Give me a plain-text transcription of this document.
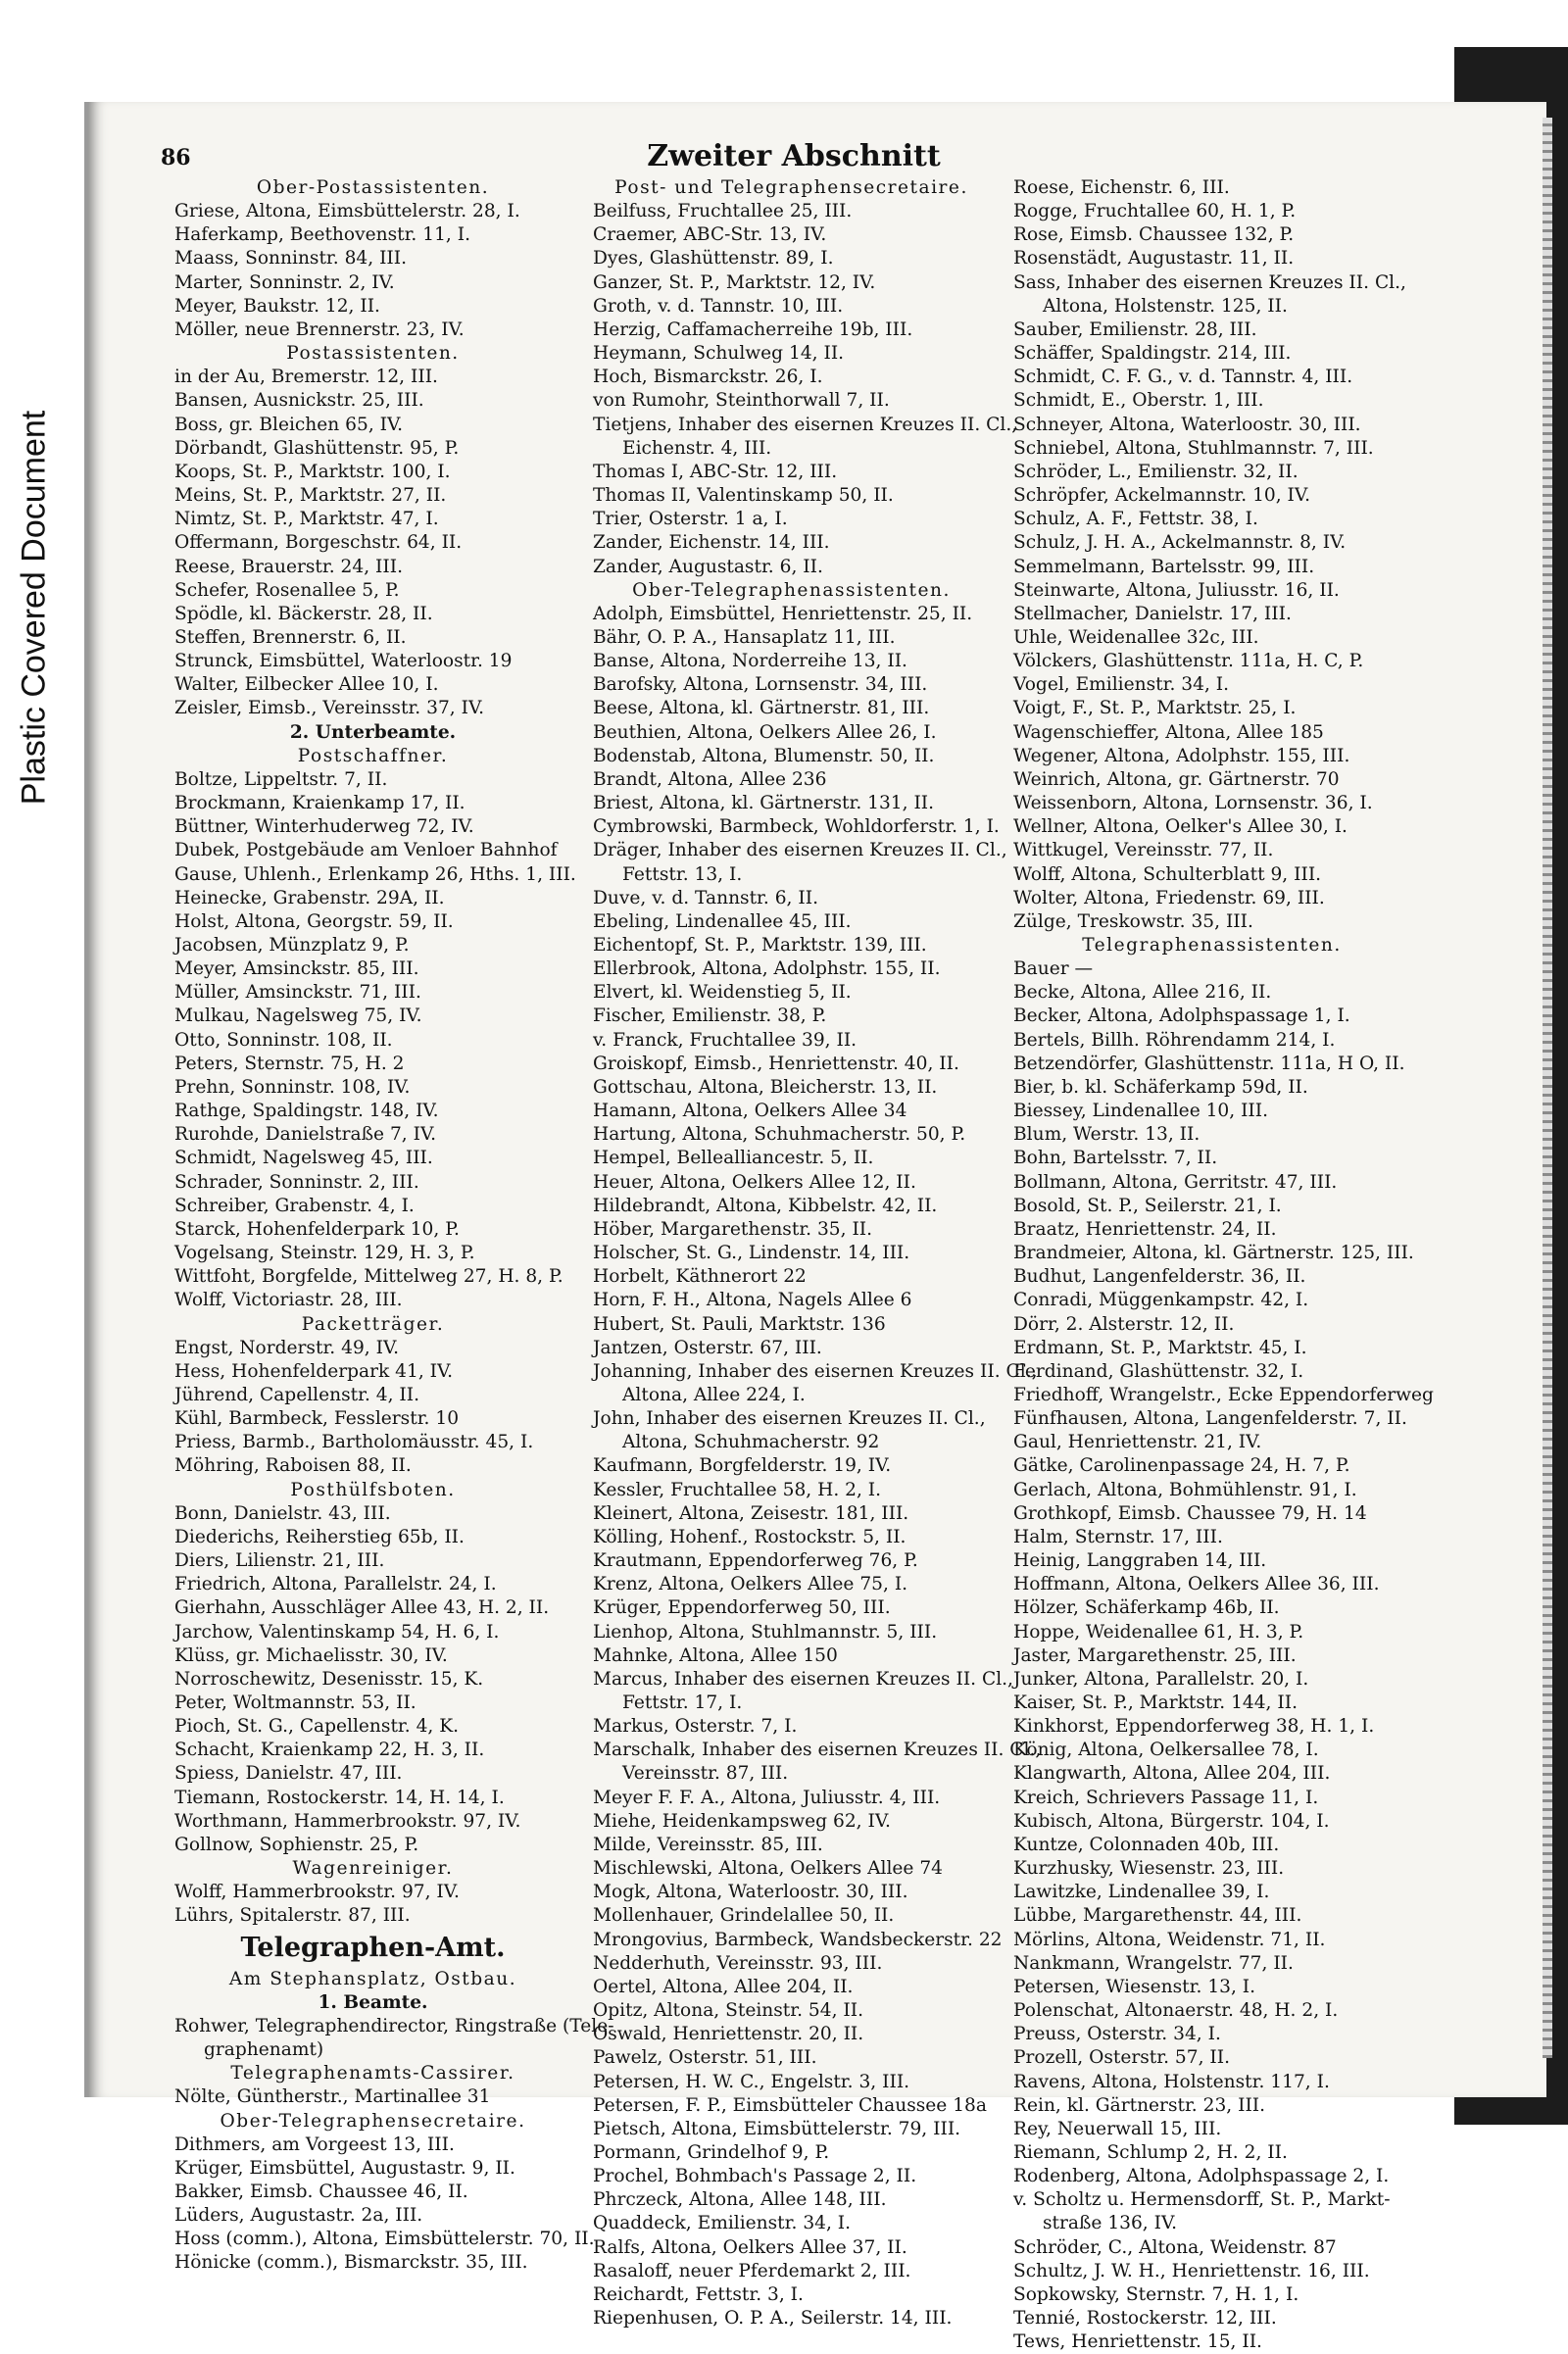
Plastic Covered Document
86	Zweiter Abschnitt
Ober-Postassistenten.
Griese, Altona, Eimsbüttelerstr. 28, I.
Haferkamp, Beethovenstr. 11, I.
Maass, Sonninstr. 84, III.
Marter, Sonninstr. 2, IV.
Meyer, Baukstr. 12, II.
Möller, neue Brennerstr. 23, IV.
Postassistenten.
in der Au, Bremerstr. 12, III.
Bansen, Ausnickstr. 25, III.
Boss, gr. Bleichen 65, IV.
Dörbandt, Glashüttenstr. 95, P.
Koops, St. P., Marktstr. 100, I.
Meins, St. P., Marktstr. 27, II.
Nimtz, St. P., Marktstr. 47, I.
Offermann, Borgeschstr. 64, II.
Reese, Brauerstr. 24, III.
Schefer, Rosenallee 5, P.
Spödle, kl. Bäckerstr. 28, II.
Steffen, Brennerstr. 6, II.
Strunck, Eimsbüttel, Waterloostr. 19
Walter, Eilbecker Allee 10, I.
Zeisler, Eimsb., Vereinsstr. 37, IV.
2. Unterbeamte.
Postschaffner.
Boltze, Lippeltstr. 7, II.
Brockmann, Kraienkamp 17, II.
Büttner, Winterhuderweg 72, IV.
Dubek, Postgebäude am Venloer Bahnhof
Gause, Uhlenh., Erlenkamp 26, Hths. 1, III.
Heinecke, Grabenstr. 29A, II.
Holst, Altona, Georgstr. 59, II.
Jacobsen, Münzplatz 9, P.
Meyer, Amsinckstr. 85, III.
Müller, Amsinckstr. 71, III.
Mulkau, Nagelsweg 75, IV.
Otto, Sonninstr. 108, II.
Peters, Sternstr. 75, H. 2
Prehn, Sonninstr. 108, IV.
Rathge, Spaldingstr. 148, IV.
Rurohde, Danielstraße 7, IV.
Schmidt, Nagelsweg 45, III.
Schrader, Sonninstr. 2, III.
Schreiber, Grabenstr. 4, I.
Starck, Hohenfelderpark 10, P.
Vogelsang, Steinstr. 129, H. 3, P.
Wittfoht, Borgfelde, Mittelweg 27, H. 8, P.
Wolff, Victoriastr. 28, III.
Packetträger.
Engst, Norderstr. 49, IV.
Hess, Hohenfelderpark 41, IV.
Jührend, Capellenstr. 4, II.
Kühl, Barmbeck, Fesslerstr. 10
Priess, Barmb., Bartholomäusstr. 45, I.
Möhring, Raboisen 88, II.
Posthülfsboten.
Bonn, Danielstr. 43, III.
Diederichs, Reiherstieg 65b, II.
Diers, Lilienstr. 21, III.
Friedrich, Altona, Parallelstr. 24, I.
Gierhahn, Ausschläger Allee 43, H. 2, II.
Jarchow, Valentinskamp 54, H. 6, I.
Klüss, gr. Michaelisstr. 30, IV.
Norroschewitz, Desenisstr. 15, K.
Peter, Woltmannstr. 53, II.
Pioch, St. G., Capellenstr. 4, K.
Schacht, Kraienkamp 22, H. 3, II.
Spiess, Danielstr. 47, III.
Tiemann, Rostockerstr. 14, H. 14, I.
Worthmann, Hammerbrookstr. 97, IV.
Gollnow, Sophienstr. 25, P.
Wagenreiniger.
Wolff, Hammerbrookstr. 97, IV.
Lührs, Spitalerstr. 87, III.
Telegraphen-Amt.
Am Stephansplatz, Ostbau.
1. Beamte.
Rohwer, Telegraphendirector, Ringstraße (Tele-
graphenamt)
Telegraphenamts-Cassirer.
Nölte, Güntherstr., Martinallee 31
Ober-Telegraphensecretaire.
Dithmers, am Vorgeest 13, III.
Krüger, Eimsbüttel, Augustastr. 9, II.
Bakker, Eimsb. Chaussee 46, II.
Lüders, Augustastr. 2a, III.
Hoss (comm.), Altona, Eimsbüttelerstr. 70, II.
Hönicke (comm.), Bismarckstr. 35, III.
Post- und Telegraphensecretaire.
Beilfuss, Fruchtallee 25, III.
Craemer, ABC-Str. 13, IV.
Dyes, Glashüttenstr. 89, I.
Ganzer, St. P., Marktstr. 12, IV.
Groth, v. d. Tannstr. 10, III.
Herzig, Caffamacherreihe 19b, III.
Heymann, Schulweg 14, II.
Hoch, Bismarckstr. 26, I.
von Rumohr, Steinthorwall 7, II.
Tietjens, Inhaber des eisernen Kreuzes II. Cl.,
Eichenstr. 4, III.
Thomas I, ABC-Str. 12, III.
Thomas II, Valentinskamp 50, II.
Trier, Osterstr. 1 a, I.
Zander, Eichenstr. 14, III.
Zander, Augustastr. 6, II.
Ober-Telegraphenassistenten.
Adolph, Eimsbüttel, Henriettenstr. 25, II.
Bähr, O. P. A., Hansaplatz 11, III.
Banse, Altona, Norderreihe 13, II.
Barofsky, Altona, Lornsenstr. 34, III.
Beese, Altona, kl. Gärtnerstr. 81, III.
Beuthien, Altona, Oelkers Allee 26, I.
Bodenstab, Altona, Blumenstr. 50, II.
Brandt, Altona, Allee 236
Briest, Altona, kl. Gärtnerstr. 131, II.
Cymbrowski, Barmbeck, Wohldorferstr. 1, I.
Dräger, Inhaber des eisernen Kreuzes II. Cl.,
Fettstr. 13, I.
Duve, v. d. Tannstr. 6, II.
Ebeling, Lindenallee 45, III.
Eichentopf, St. P., Marktstr. 139, III.
Ellerbrook, Altona, Adolphstr. 155, II.
Elvert, kl. Weidenstieg 5, II.
Fischer, Emilienstr. 38, P.
v. Franck, Fruchtallee 39, II.
Groiskopf, Eimsb., Henriettenstr. 40, II.
Gottschau, Altona, Bleicherstr. 13, II.
Hamann, Altona, Oelkers Allee 34
Hartung, Altona, Schuhmacherstr. 50, P.
Hempel, Bellealliancestr. 5, II.
Heuer, Altona, Oelkers Allee 12, II.
Hildebrandt, Altona, Kibbelstr. 42, II.
Höber, Margarethenstr. 35, II.
Holscher, St. G., Lindenstr. 14, III.
Horbelt, Käthnerort 22
Horn, F. H., Altona, Nagels Allee 6
Hubert, St. Pauli, Marktstr. 136
Jantzen, Osterstr. 67, III.
Johanning, Inhaber des eisernen Kreuzes II. Cl.,
Altona, Allee 224, I.
John, Inhaber des eisernen Kreuzes II. Cl.,
Altona, Schuhmacherstr. 92
Kaufmann, Borgfelderstr. 19, IV.
Kessler, Fruchtallee 58, H. 2, I.
Kleinert, Altona, Zeisestr. 181, III.
Kölling, Hohenf., Rostockstr. 5, II.
Krautmann, Eppendorferweg 76, P.
Krenz, Altona, Oelkers Allee 75, I.
Krüger, Eppendorferweg 50, III.
Lienhop, Altona, Stuhlmannstr. 5, III.
Mahnke, Altona, Allee 150
Marcus, Inhaber des eisernen Kreuzes II. Cl.,
Fettstr. 17, I.
Markus, Osterstr. 7, I.
Marschalk, Inhaber des eisernen Kreuzes II. Cl.,
Vereinsstr. 87, III.
Meyer F. F. A., Altona, Juliusstr. 4, III.
Miehe, Heidenkampsweg 62, IV.
Milde, Vereinsstr. 85, III.
Mischlewski, Altona, Oelkers Allee 74
Mogk, Altona, Waterloostr. 30, III.
Mollenhauer, Grindelallee 50, II.
Mrongovius, Barmbeck, Wandsbeckerstr. 22
Nedderhuth, Vereinsstr. 93, III.
Oertel, Altona, Allee 204, II.
Opitz, Altona, Steinstr. 54, II.
Oswald, Henriettenstr. 20, II.
Pawelz, Osterstr. 51, III.
Petersen, H. W. C., Engelstr. 3, III.
Petersen, F. P., Eimsbütteler Chaussee 18a
Pietsch, Altona, Eimsbüttelerstr. 79, III.
Pormann, Grindelhof 9, P.
Prochel, Bohmbach's Passage 2, II.
Phrczeck, Altona, Allee 148, III.
Quaddeck, Emilienstr. 34, I.
Ralfs, Altona, Oelkers Allee 37, II.
Rasaloff, neuer Pferdemarkt 2, III.
Reichardt, Fettstr. 3, I.
Riepenhusen, O. P. A., Seilerstr. 14, III.
Roese, Eichenstr. 6, III.
Rogge, Fruchtallee 60, H. 1, P.
Rose, Eimsb. Chaussee 132, P.
Rosenstädt, Augustastr. 11, II.
Sass, Inhaber des eisernen Kreuzes II. Cl.,
Altona, Holstenstr. 125, II.
Sauber, Emilienstr. 28, III.
Schäffer, Spaldingstr. 214, III.
Schmidt, C. F. G., v. d. Tannstr. 4, III.
Schmidt, E., Oberstr. 1, III.
Schneyer, Altona, Waterloostr. 30, III.
Schniebel, Altona, Stuhlmannstr. 7, III.
Schröder, L., Emilienstr. 32, II.
Schröpfer, Ackelmannstr. 10, IV.
Schulz, A. F., Fettstr. 38, I.
Schulz, J. H. A., Ackelmannstr. 8, IV.
Semmelmann, Bartelsstr. 99, III.
Steinwarte, Altona, Juliusstr. 16, II.
Stellmacher, Danielstr. 17, III.
Uhle, Weidenallee 32c, III.
Völckers, Glashüttenstr. 111a, H. C, P.
Vogel, Emilienstr. 34, I.
Voigt, F., St. P., Marktstr. 25, I.
Wagenschieffer, Altona, Allee 185
Wegener, Altona, Adolphstr. 155, III.
Weinrich, Altona, gr. Gärtnerstr. 70
Weissenborn, Altona, Lornsenstr. 36, I.
Wellner, Altona, Oelker's Allee 30, I.
Wittkugel, Vereinsstr. 77, II.
Wolff, Altona, Schulterblatt 9, III.
Wolter, Altona, Friedenstr. 69, III.
Zülge, Treskowstr. 35, III.
Telegraphenassistenten.
Bauer —
Becke, Altona, Allee 216, II.
Becker, Altona, Adolphspassage 1, I.
Bertels, Billh. Röhrendamm 214, I.
Betzendörfer, Glashüttenstr. 111a, H O, II.
Bier, b. kl. Schäferkamp 59d, II.
Biessey, Lindenallee 10, III.
Blum, Werstr. 13, II.
Bohn, Bartelsstr. 7, II.
Bollmann, Altona, Gerritstr. 47, III.
Bosold, St. P., Seilerstr. 21, I.
Braatz, Henriettenstr. 24, II.
Brandmeier, Altona, kl. Gärtnerstr. 125, III.
Budhut, Langenfelderstr. 36, II.
Conradi, Müggenkampstr. 42, I.
Dörr, 2. Alsterstr. 12, II.
Erdmann, St. P., Marktstr. 45, I.
Ferdinand, Glashüttenstr. 32, I.
Friedhoff, Wrangelstr., Ecke Eppendorferweg
Fünfhausen, Altona, Langenfelderstr. 7, II.
Gaul, Henriettenstr. 21, IV.
Gätke, Carolinenpassage 24, H. 7, P.
Gerlach, Altona, Bohmühlenstr. 91, I.
Grothkopf, Eimsb. Chaussee 79, H. 14
Halm, Sternstr. 17, III.
Heinig, Langgraben 14, III.
Hoffmann, Altona, Oelkers Allee 36, III.
Hölzer, Schäferkamp 46b, II.
Hoppe, Weidenallee 61, H. 3, P.
Jaster, Margarethenstr. 25, III.
Junker, Altona, Parallelstr. 20, I.
Kaiser, St. P., Marktstr. 144, II.
Kinkhorst, Eppendorferweg 38, H. 1, I.
König, Altona, Oelkersallee 78, I.
Klangwarth, Altona, Allee 204, III.
Kreich, Schrievers Passage 11, I.
Kubisch, Altona, Bürgerstr. 104, I.
Kuntze, Colonnaden 40b, III.
Kurzhusky, Wiesenstr. 23, III.
Lawitzke, Lindenallee 39, I.
Lübbe, Margarethenstr. 44, III.
Mörlins, Altona, Weidenstr. 71, II.
Nankmann, Wrangelstr. 77, II.
Petersen, Wiesenstr. 13, I.
Polenschat, Altonaerstr. 48, H. 2, I.
Preuss, Osterstr. 34, I.
Prozell, Osterstr. 57, II.
Ravens, Altona, Holstenstr. 117, I.
Rein, kl. Gärtnerstr. 23, III.
Rey, Neuerwall 15, III.
Riemann, Schlump 2, H. 2, II.
Rodenberg, Altona, Adolphspassage 2, I.
v. Scholtz u. Hermensdorff, St. P., Markt-
straße 136, IV.
Schröder, C., Altona, Weidenstr. 87
Schultz, J. W. H., Henriettenstr. 16, III.
Sopkowsky, Sternstr. 7, H. 1, I.
Tennié, Rostockerstr. 12, III.
Tews, Henriettenstr. 15, II.
